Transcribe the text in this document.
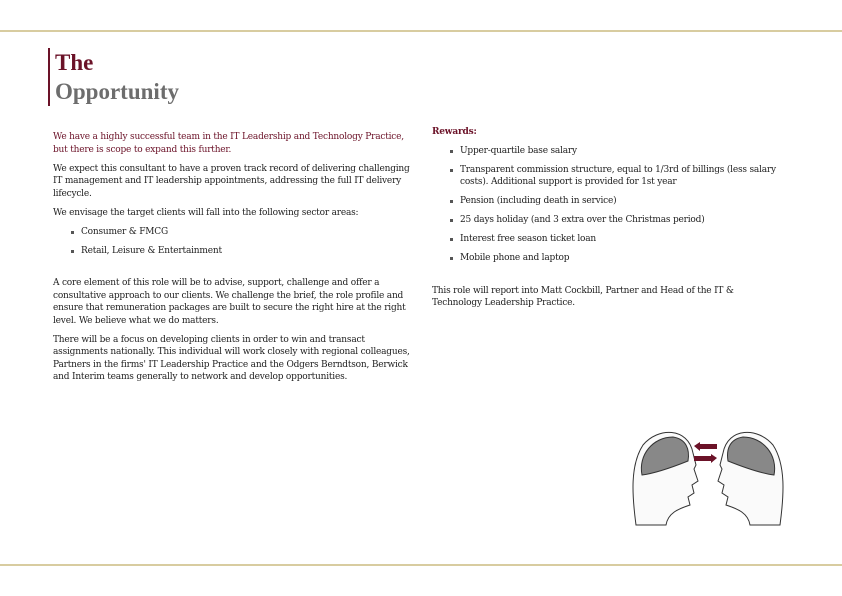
The
Opportunity

We have a highly successful team in the IT Leadership and Technology Practice, but there is scope to expand this further.

We expect this consultant to have a proven track record of delivering challenging IT management and IT leadership appointments, addressing the full IT delivery lifecycle.

We envisage the target clients will fall into the following sector areas:

Consumer & FMCG
Retail, Leisure & Entertainment

A core element of this role will be to advise, support, challenge and offer a consultative approach to our clients. We challenge the brief, the role profile and ensure that remuneration packages are built to secure the right hire at the right level. We believe what we do matters.

There will be a focus on developing clients in order to win and transact assignments nationally. This individual will work closely with regional colleagues, Partners in the firms' IT Leadership Practice and the Odgers Berndtson, Berwick and Interim teams generally to network and develop opportunities.

Rewards:
Upper-quartile base salary
Transparent commission structure, equal to 1/3rd of billings (less salary costs). Additional support is provided for 1st year
Pension (including death in service)
25 days holiday (and 3 extra over the Christmas period)
Interest free season ticket loan
Mobile phone and laptop

This role will report into Matt Cockbill, Partner and Head of the IT & Technology Leadership Practice.
